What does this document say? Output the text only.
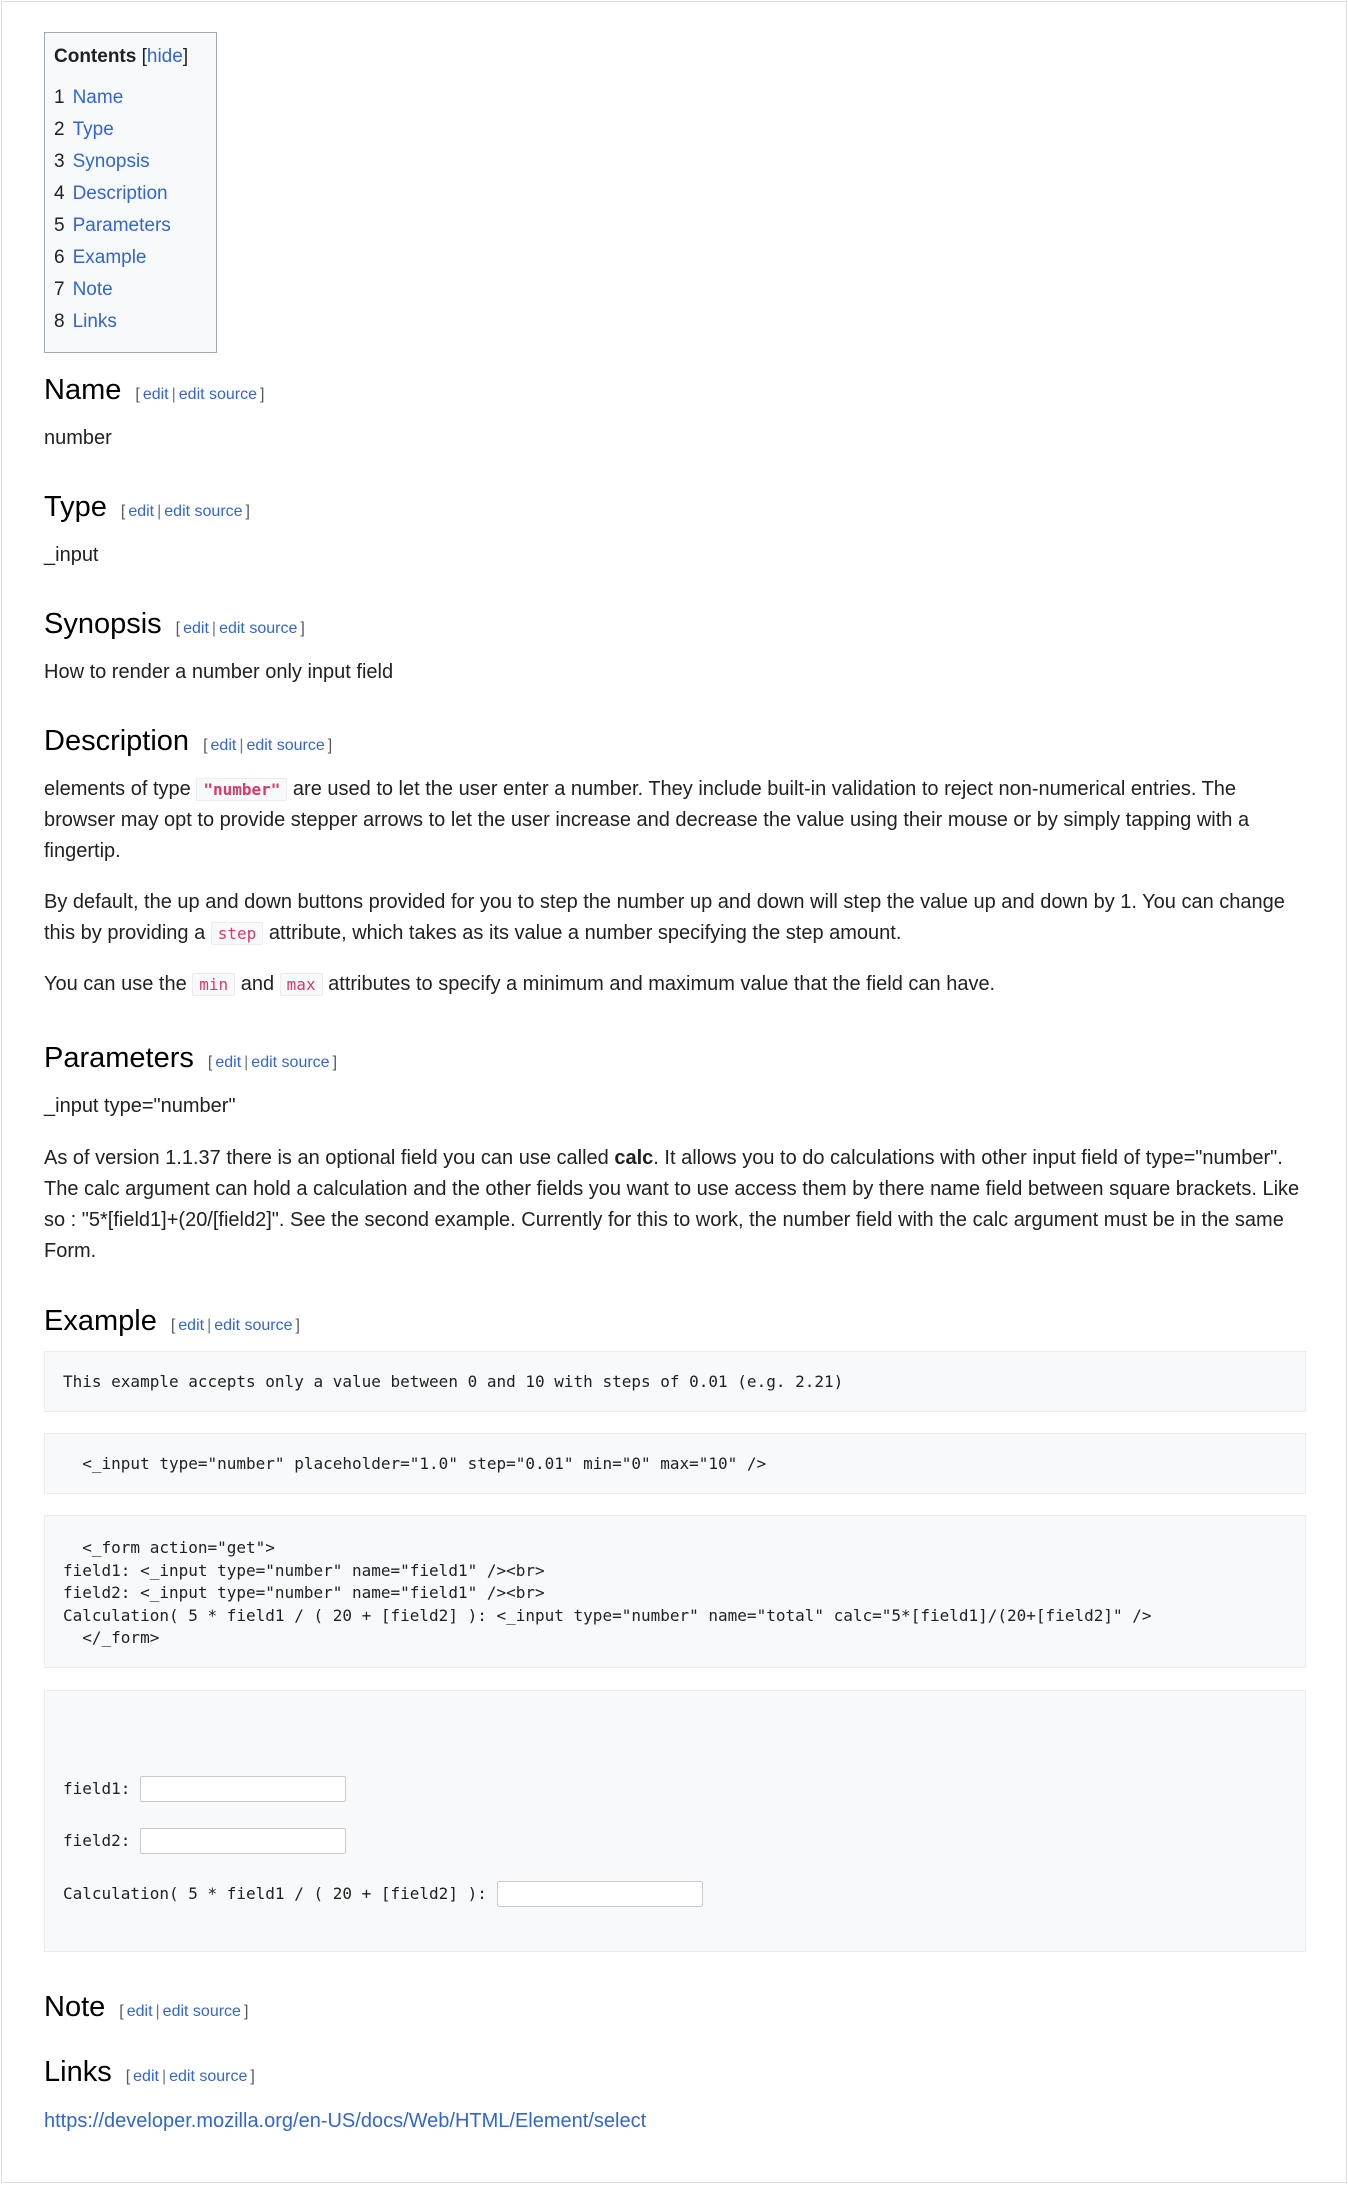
Contents [hide]
1 Name
2 Type
3 Synopsis
4 Description
5 Parameters
6 Example
7 Note
8 Links
Name [ edit | edit source ]

number

Type [ edit | edit source ]

_input

Synopsis [ edit | edit source ]

How to render a number only input field

Description [ edit | edit source ]

elements of type "number" are used to let the user enter a number. They include built-in validation to reject non-numerical entries. The browser may opt to provide stepper arrows to let the user increase and decrease the value using their mouse or by simply tapping with a fingertip.

By default, the up and down buttons provided for you to step the number up and down will step the value up and down by 1. You can change this by providing a step attribute, which takes as its value a number specifying the step amount.

You can use the min and max attributes to specify a minimum and maximum value that the field can have.

Parameters [ edit | edit source ]

_input type="number"

As of version 1.1.37 there is an optional field you can use called calc. It allows you to do calculations with other input field of type="number". The calc argument can hold a calculation and the other fields you want to use access them by there name field between square brackets. Like so : "5*[field1]+(20/[field2]". See the second example. Currently for this to work, the number field with the calc argument must be in the same Form.

Example [ edit | edit source ]
This example accepts only a value between 0 and 10 with steps of 0.01 (e.g. 2.21)
<_input type="number" placeholder="1.0" step="0.01" min="0" max="10" />
<_form action="get">
field1: <_input type="number" name="field1" /><br>
field2: <_input type="number" name="field1" /><br>
Calculation( 5 * field1 / ( 20 + [field2] ): <_input type="number" name="total" calc="5*[field1]/(20+[field2]" />
</_form>

field1:

field2:

Calculation( 5 * field1 / ( 20 + [field2] ):

Note [ edit | edit source ]
Links [ edit | edit source ]

https://developer.mozilla.org/en-US/docs/Web/HTML/Element/select
